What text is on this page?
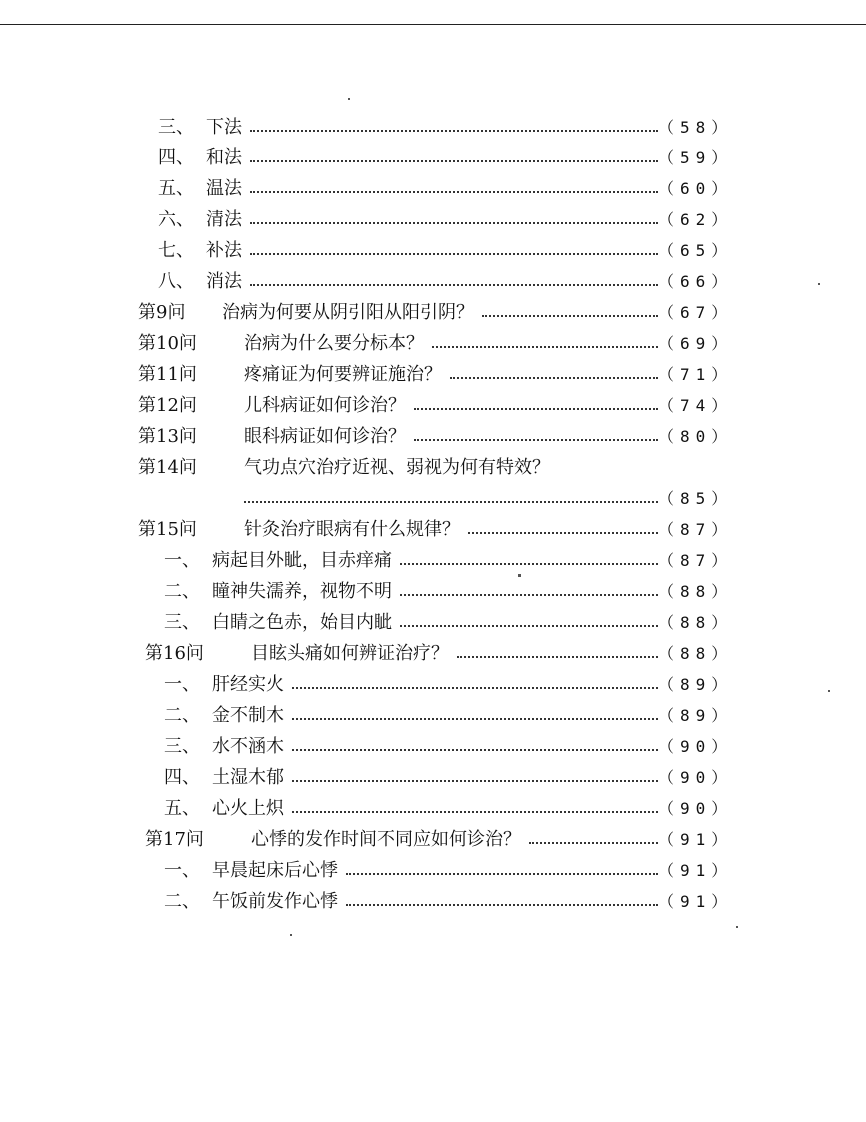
三、 下法	（58）
四、 和法	（59）
五、 温法	（60）
六、 清法	（62）
七、 补法	（65）
八、 消法	（66）
第9问	治病为何要从阴引阳从阳引阴？	（67）
第10问	治病为什么要分标本？	（69）
第11问	疼痛证为何要辨证施治？	（71）
第12问	儿科病证如何诊治？	（74）
第13问	眼科病证如何诊治？	（80）
第14问	气功点穴治疗近视、弱视为何有特效？
（85）
第15问	针灸治疗眼病有什么规律？	（87）
一、 病起目外眦，目赤痒痛	（87）
二、 瞳神失濡养，视物不明	（88）
三、 白睛之色赤，始目内眦	（88）
第16问	目眩头痛如何辨证治疗？	（88）
一、 肝经实火	（89）
二、 金不制木	（89）
三、 水不涵木	（90）
四、 土湿木郁	（90）
五、 心火上炽	（90）
第17问	心悸的发作时间不同应如何诊治？	（91）
一、 早晨起床后心悸	（91）
二、 午饭前发作心悸	（91）
